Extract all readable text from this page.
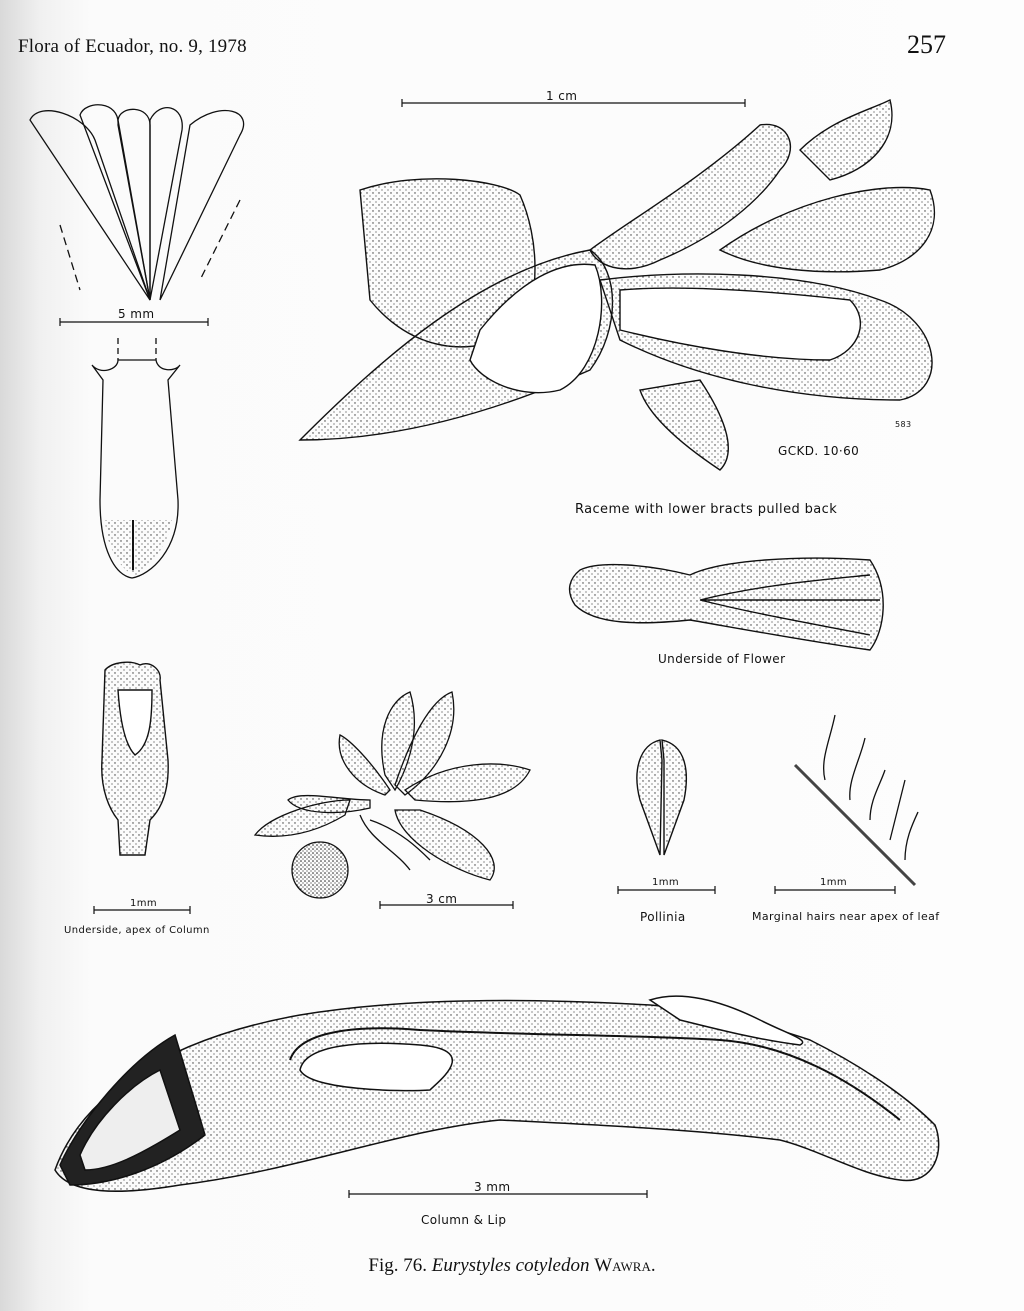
Flora of Ecuador, no. 9, 1978	257
1 cm
5 mm
583
GCKD. 10·60
Raceme with lower bracts pulled back
Underside of Flower
1mm
Underside, apex of Column
3 cm
1mm
Pollinia
1mm
Marginal hairs near apex of leaf
3 mm
Column & Lip
Fig. 76. Eurystyles cotyledon Wawra.
